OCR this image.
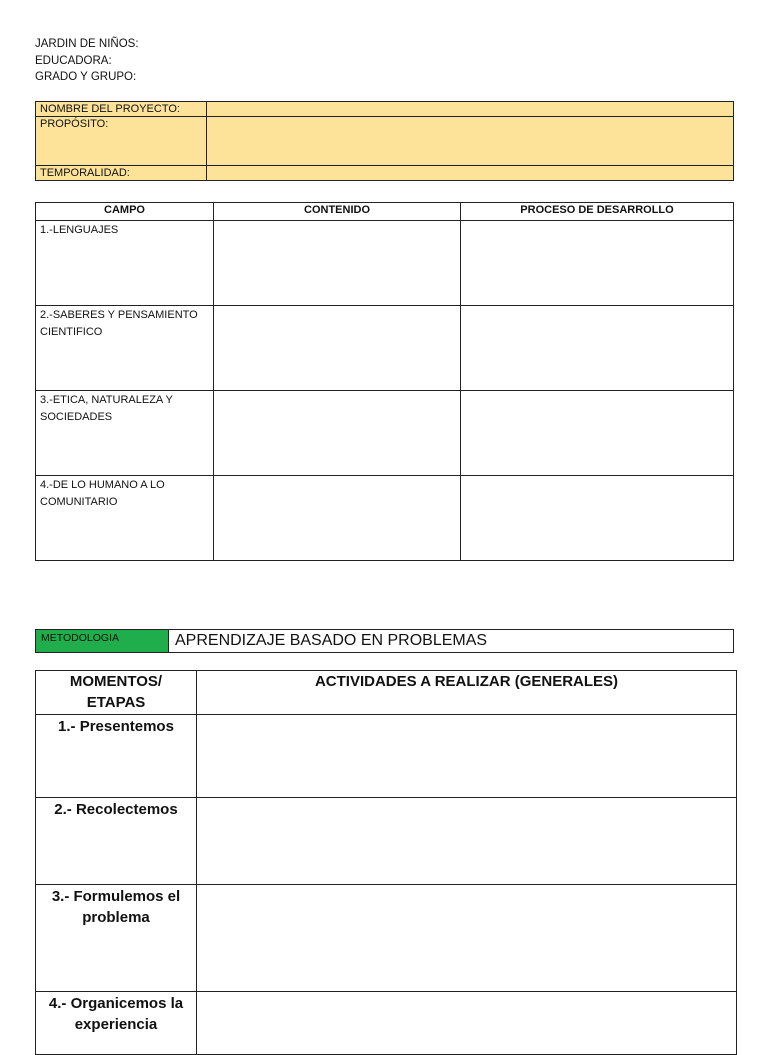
JARDIN DE NIÑOS:
EDUCADORA:
GRADO Y GRUPO:
NOMBRE DEL PROYECTO:	
PROPÓSITO:	
TEMPORALIDAD:	
CAMPO	CONTENIDO	PROCESO DE DESARROLLO
1.-LENGUAJES		
2.-SABERES Y PENSAMIENTO CIENTIFICO		
3.-ETICA, NATURALEZA Y SOCIEDADES		
4.-DE LO HUMANO A LO COMUNITARIO		
METODOLOGIA	APRENDIZAJE BASADO EN PROBLEMAS
MOMENTOS/ ETAPAS	ACTIVIDADES A REALIZAR (GENERALES)
1.- Presentemos	
2.- Recolectemos	
3.- Formulemos el problema	
4.- Organicemos la experiencia	
